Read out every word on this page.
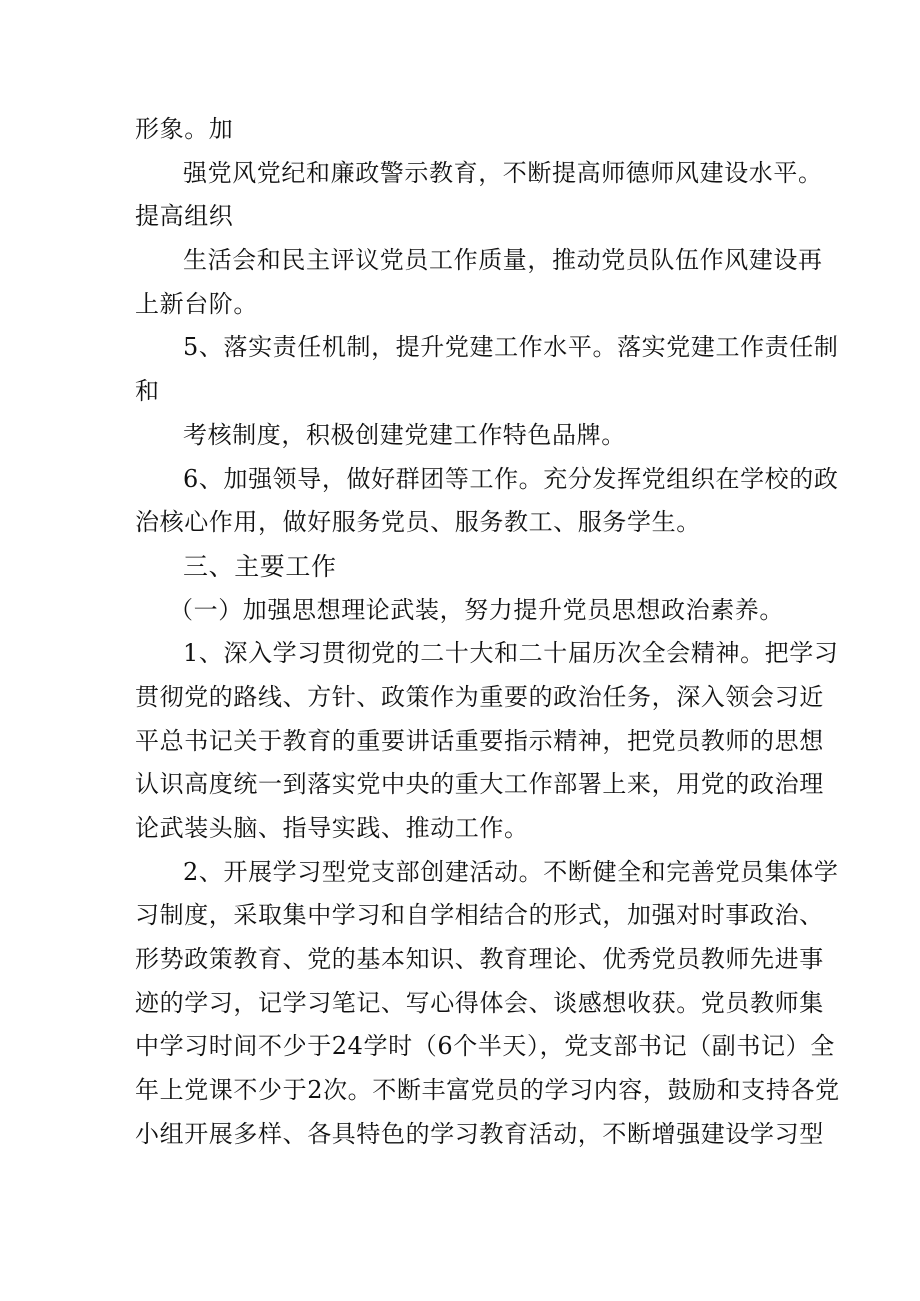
形象。加
强党风党纪和廉政警示教育，不断提高师德师风建设水平。
提高组织
生活会和民主评议党员工作质量，推动党员队伍作风建设再
上新台阶。
5、落实责任机制，提升党建工作水平。落实党建工作责任制
和
考核制度，积极创建党建工作特色品牌。
6、加强领导，做好群团等工作。充分发挥党组织在学校的政
治核心作用，做好服务党员、服务教工、服务学生。
三、主要工作
（一）加强思想理论武装，努力提升党员思想政治素养。
1、深入学习贯彻党的二十大和二十届历次全会精神。把学习
贯彻党的路线、方针、政策作为重要的政治任务，深入领会习近
平总书记关于教育的重要讲话重要指示精神，把党员教师的思想
认识高度统一到落实党中央的重大工作部署上来，用党的政治理
论武装头脑、指导实践、推动工作。
2、开展学习型党支部创建活动。不断健全和完善党员集体学
习制度，采取集中学习和自学相结合的形式，加强对时事政治、
形势政策教育、党的基本知识、教育理论、优秀党员教师先进事
迹的学习，记学习笔记、写心得体会、谈感想收获。党员教师集
中学习时间不少于24学时（6个半天），党支部书记（副书记）全
年上党课不少于2次。不断丰富党员的学习内容，鼓励和支持各党
小组开展多样、各具特色的学习教育活动，不断增强建设学习型
